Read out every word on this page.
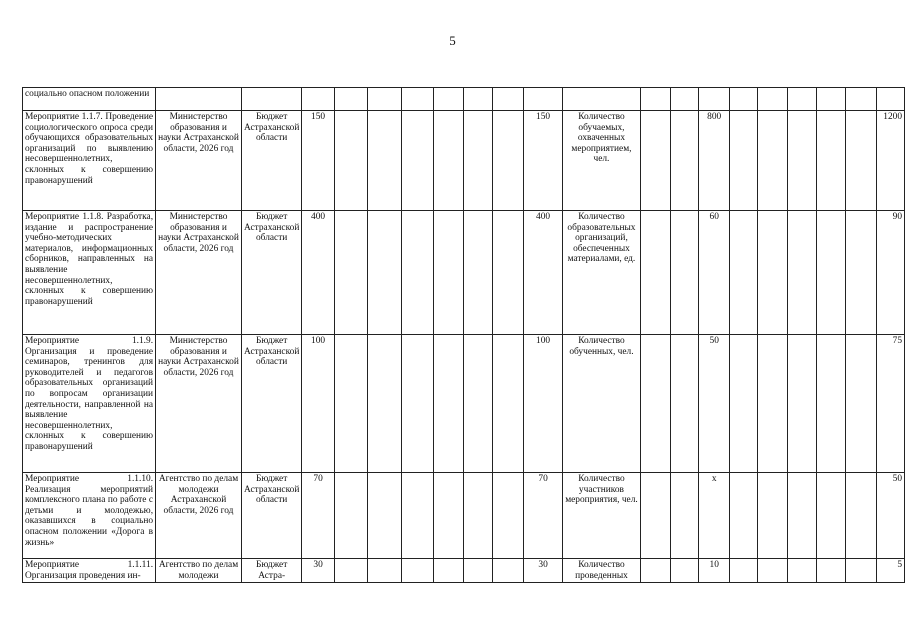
5
социально опасном положении																				
Мероприятие 1.1.7. Проведение социологического опроса среди обучающихся образовательных организаций по выявлению несовершеннолетних, склонных к совершению правонарушений	Министерство образования и науки Астраханской области, 2026 год	Бюджет Астраханской области	150							150	Количество обучаемых, охваченных мероприятием, чел.			800						1200
Мероприятие 1.1.8. Разработка, издание и распространение учебно-методических материалов, информационных сборников, направленных на выявление несовершеннолетних, склонных к совершению правонарушений	Министерство образования и науки Астраханской области, 2026 год	Бюджет Астраханской области	400							400	Количество образовательных организаций, обеспеченных материалами, ед.			60						90
Мероприятие 1.1.9. Организация и проведение семинаров, тренингов для руководителей и педагогов образовательных организаций по вопросам организации деятельности, направленной на выявление несовершеннолетних, склонных к совершению правонарушений	Министерство образования и науки Астраханской области, 2026 год	Бюджет Астраханской области	100							100	Количество обученных, чел.			50						75
Мероприятие 1.1.10. Реализация мероприятий комплексного плана по работе с детьми и молодежью, оказавшихся в социально опасном положении «Дорога в жизнь»	Агентство по делам молодежи Астраханской области, 2026 год	Бюджет Астраханской области	70							70	Количество участников мероприятия, чел.			x						50
Мероприятие 1.1.11. Организация проведения ин-	Агентство по делам молодежи	Бюджет Астра-	30							30	Количество проведенных			10						5
